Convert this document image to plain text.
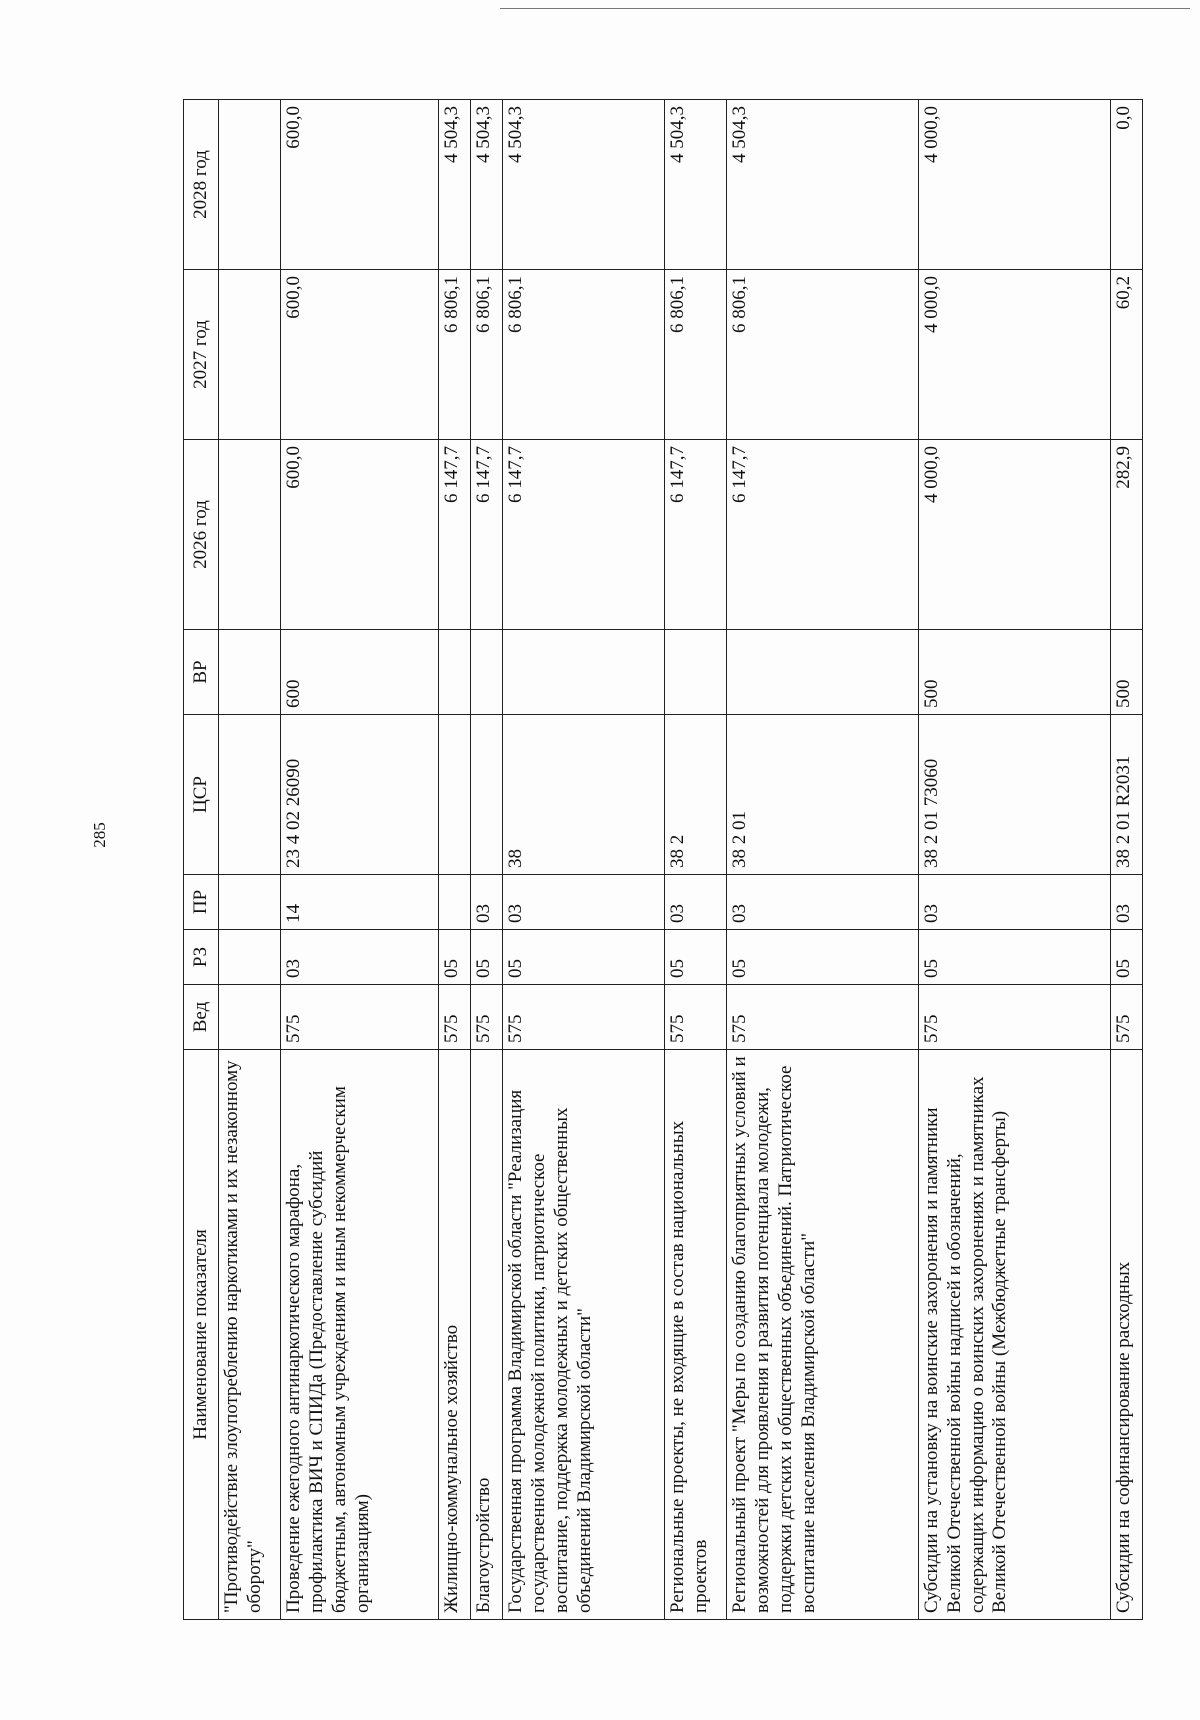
285
Наименование показателя	Вед	РЗ	ПР	ЦСР	ВР	2026 год	2027 год	2028 год
"Противодействие злоупотреблению наркотиками и их незаконному обороту"								
Проведение ежегодного антинаркотического марафона, профилактика ВИЧ и СПИДа (Предоставление субсидий бюджетным, автономным учреждениям и иным некоммерческим организациям)	575	03	14	23 4 02 26090	600	600,0	600,0	600,0
Жилищно-коммунальное хозяйство	575	05				6 147,7	6 806,1	4 504,3
Благоустройство	575	05	03			6 147,7	6 806,1	4 504,3
Государственная программа Владимирской области "Реализация государственной молодежной политики, патриотическое воспитание, поддержка молодежных и детских общественных объединений Владимирской области"	575	05	03	38		6 147,7	6 806,1	4 504,3
Региональные проекты, не входящие в состав национальных проектов	575	05	03	38 2		6 147,7	6 806,1	4 504,3
Региональный проект "Меры по созданию благоприятных условий и возможностей для проявления и развития потенциала молодежи, поддержки детских и общественных объединений. Патриотическое воспитание населения Владимирской области"	575	05	03	38 2 01		6 147,7	6 806,1	4 504,3
Субсидии на установку на воинские захоронения и памятники Великой Отечественной войны надписей и обозначений, содержащих информацию о воинских захоронениях и памятниках Великой Отечественной войны (Межбюджетные трансферты)	575	05	03	38 2 01 73060	500	4 000,0	4 000,0	4 000,0
Субсидии на софинансирование расходных	575	05	03	38 2 01 R2031	500	282,9	60,2	0,0
